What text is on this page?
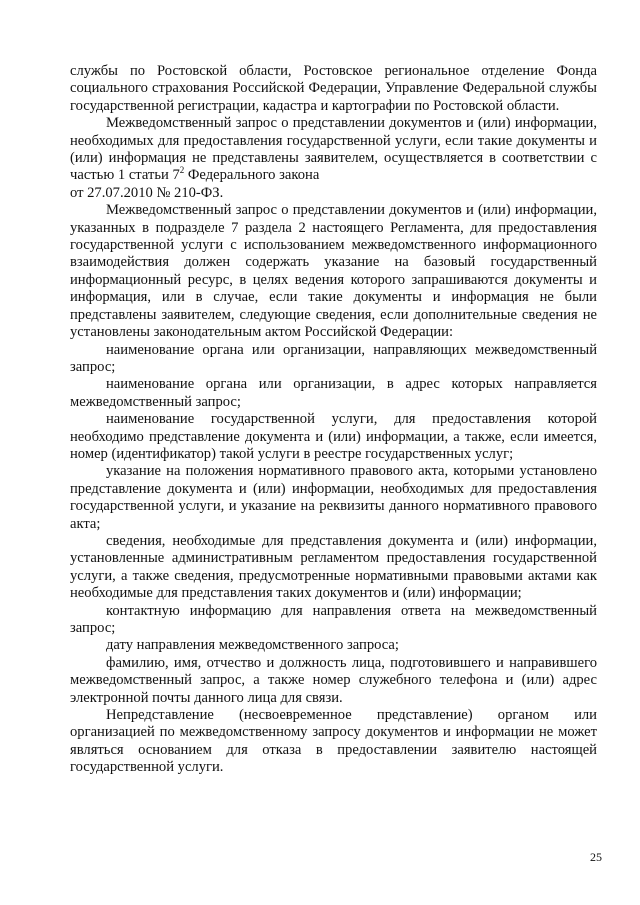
службы по Ростовской области, Ростовское региональное отделение Фонда социального страхования Российской Федерации, Управление Федеральной службы государственной регистрации, кадастра и картографии по Ростовской области.

Межведомственный запрос о представлении документов и (или) информации, необходимых для предоставления государственной услуги, если такие документы и (или) информация не представлены заявителем, осуществляется в соответствии с частью 1 статьи $7^2$ Федерального закона
от 27.07.2010 № 210-ФЗ.

Межведомственный запрос о представлении документов и (или) информации, указанных в подразделе 7 раздела 2 настоящего Регламента, для предоставления государственной услуги с использованием межведомственного информационного взаимодействия должен содержать указание на базовый государственный информационный ресурс, в целях ведения которого запрашиваются документы и информация, или в случае, если такие документы и информация не были представлены заявителем, следующие сведения, если дополнительные сведения не установлены законодательным актом Российской Федерации:

наименование органа или организации, направляющих межведомственный запрос;

наименование органа или организации, в адрес которых направляется межведомственный запрос;

наименование государственной услуги, для предоставления которой необходимо представление документа и (или) информации, а также, если имеется, номер (идентификатор) такой услуги в реестре государственных услуг;

указание на положения нормативного правового акта, которыми установлено представление документа и (или) информации, необходимых для предоставления государственной услуги, и указание на реквизиты данного нормативного правового акта;

сведения, необходимые для представления документа и (или) информации, установленные административным регламентом предоставления государственной услуги, а также сведения, предусмотренные нормативными правовыми актами как необходимые для представления таких документов и (или) информации;

контактную информацию для направления ответа на межведомственный запрос;

дату направления межведомственного запроса;

фамилию, имя, отчество и должность лица, подготовившего и направившего межведомственный запрос, а также номер служебного телефона и (или) адрес электронной почты данного лица для связи.

Непредставление (несвоевременное представление) органом или организацией по межведомственному запросу документов и информации не может являться основанием для отказа в предоставлении заявителю настоящей государственной услуги.

25
